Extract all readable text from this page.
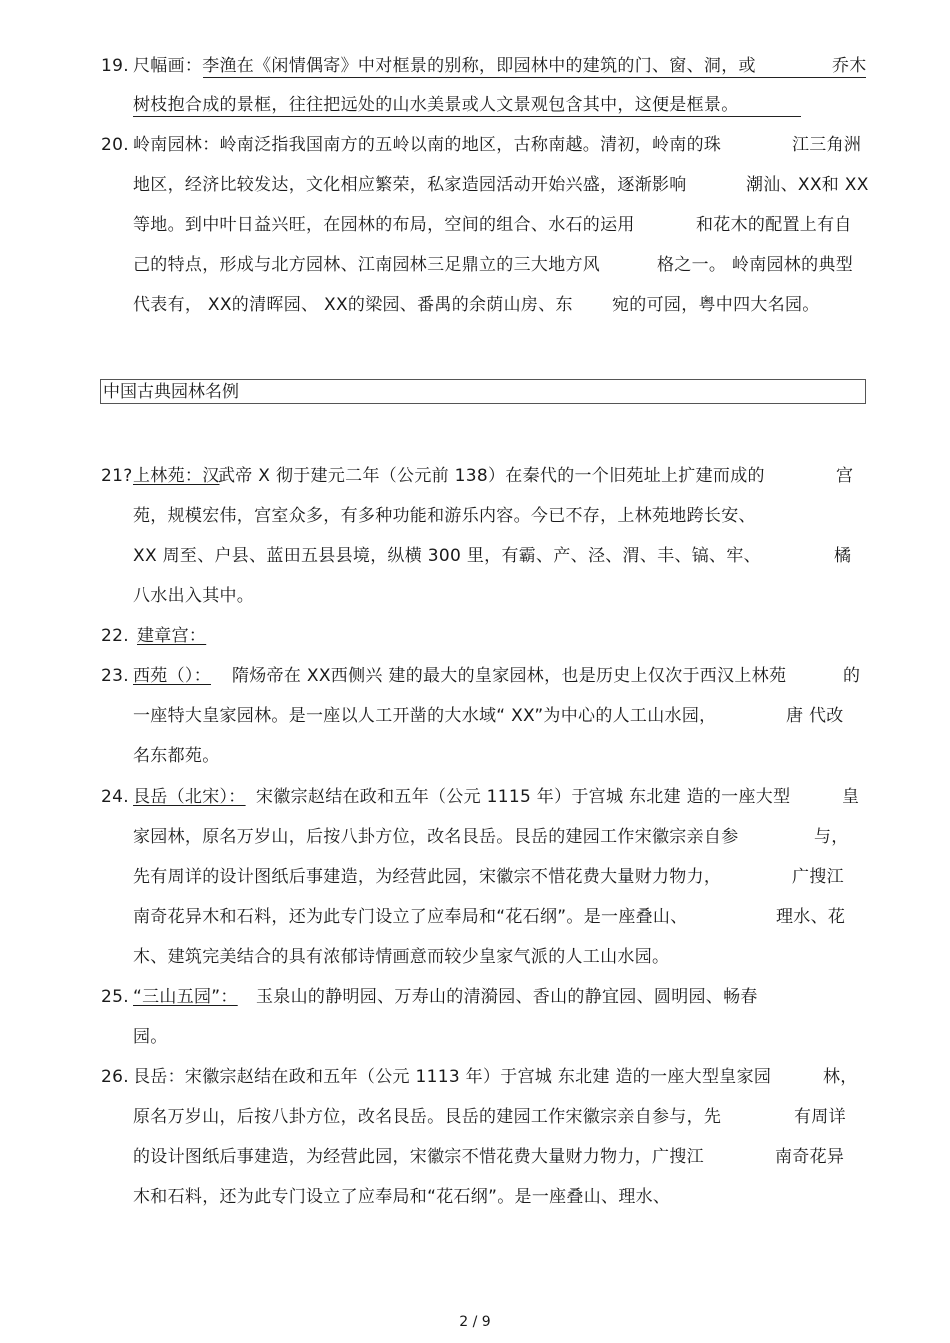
19. 尺幅画：李渔在《闲情偶寄》中对框景的别称，即园林中的建筑的门、窗、洞，或	乔木
树枝抱合成的景框，往往把远处的山水美景或人文景观包含其中，这便是框景。
20. 岭南园林：岭南泛指我国南方的五岭以南的地区，古称南越。清初，岭南的珠	江三角洲
地区，经济比较发达，文化相应繁荣，私家造园活动开始兴盛，逐渐影响	潮汕、XX和 XX
等地。到中叶日益兴旺，在园林的布局，空间的组合、水石的运用	和花木的配置上有自
己的特点，形成与北方园林、江南园林三足鼎立的三大地方风	格之一。 岭南园林的典型
代表有， XX的清晖园、 XX的梁园、番禺的余荫山房、东 宛的可园，粤中四大名园。
中国古典园林名例
21? 上林苑：汉
武帝 X 彻于建元二年（公元前 138）在秦代的一个旧苑址上扩建而成的	宫
苑，规模宏伟，宫室众多，有多种功能和游乐内容。今已不存，上林苑地跨长安、
XX 周至、户县、蓝田五县县境，纵横 300 里，有霸、产、泾、渭、丰、镐、牢、	橘
八水出入其中。
22. 建章宫：
23. 西苑（）： 隋炀帝在 XX西侧兴 建的最大的皇家园林，也是历史上仅次于西汉上林苑	的
一座特大皇家园林。是一座以人工开凿的大水域“ XX”为中心的人工山水园，	唐 代改
名东都苑。
24. 艮岳（北宋）： 宋徽宗赵结在政和五年（公元 1115 年）于宫城 东北建 造的一座大型	皇
家园林，原名万岁山，后按八卦方位，改名艮岳。艮岳的建园工作宋徽宗亲自参	与，
先有周详的设计图纸后事建造，为经营此园，宋徽宗不惜花费大量财力物力，	广搜江
南奇花异木和石料，还为此专门设立了应奉局和“花石纲”。是一座叠山、	理水、花
木、建筑完美结合的具有浓郁诗情画意而较少皇家气派的人工山水园。
25. “三山五园”： 玉泉山的静明园、万寿山的清漪园、香山的静宜园、圆明园、畅春
园。
26. 艮岳：宋徽宗赵结在政和五年（公元 1113 年）于宫城 东北建 造的一座大型皇家园	林，
原名万岁山，后按八卦方位，改名艮岳。艮岳的建园工作宋徽宗亲自参与，先	有周详
的设计图纸后事建造，为经营此园，宋徽宗不惜花费大量财力物力，广搜江	南奇花异
木和石料，还为此专门设立了应奉局和“花石纲”。是一座叠山、理水、
2 / 9
